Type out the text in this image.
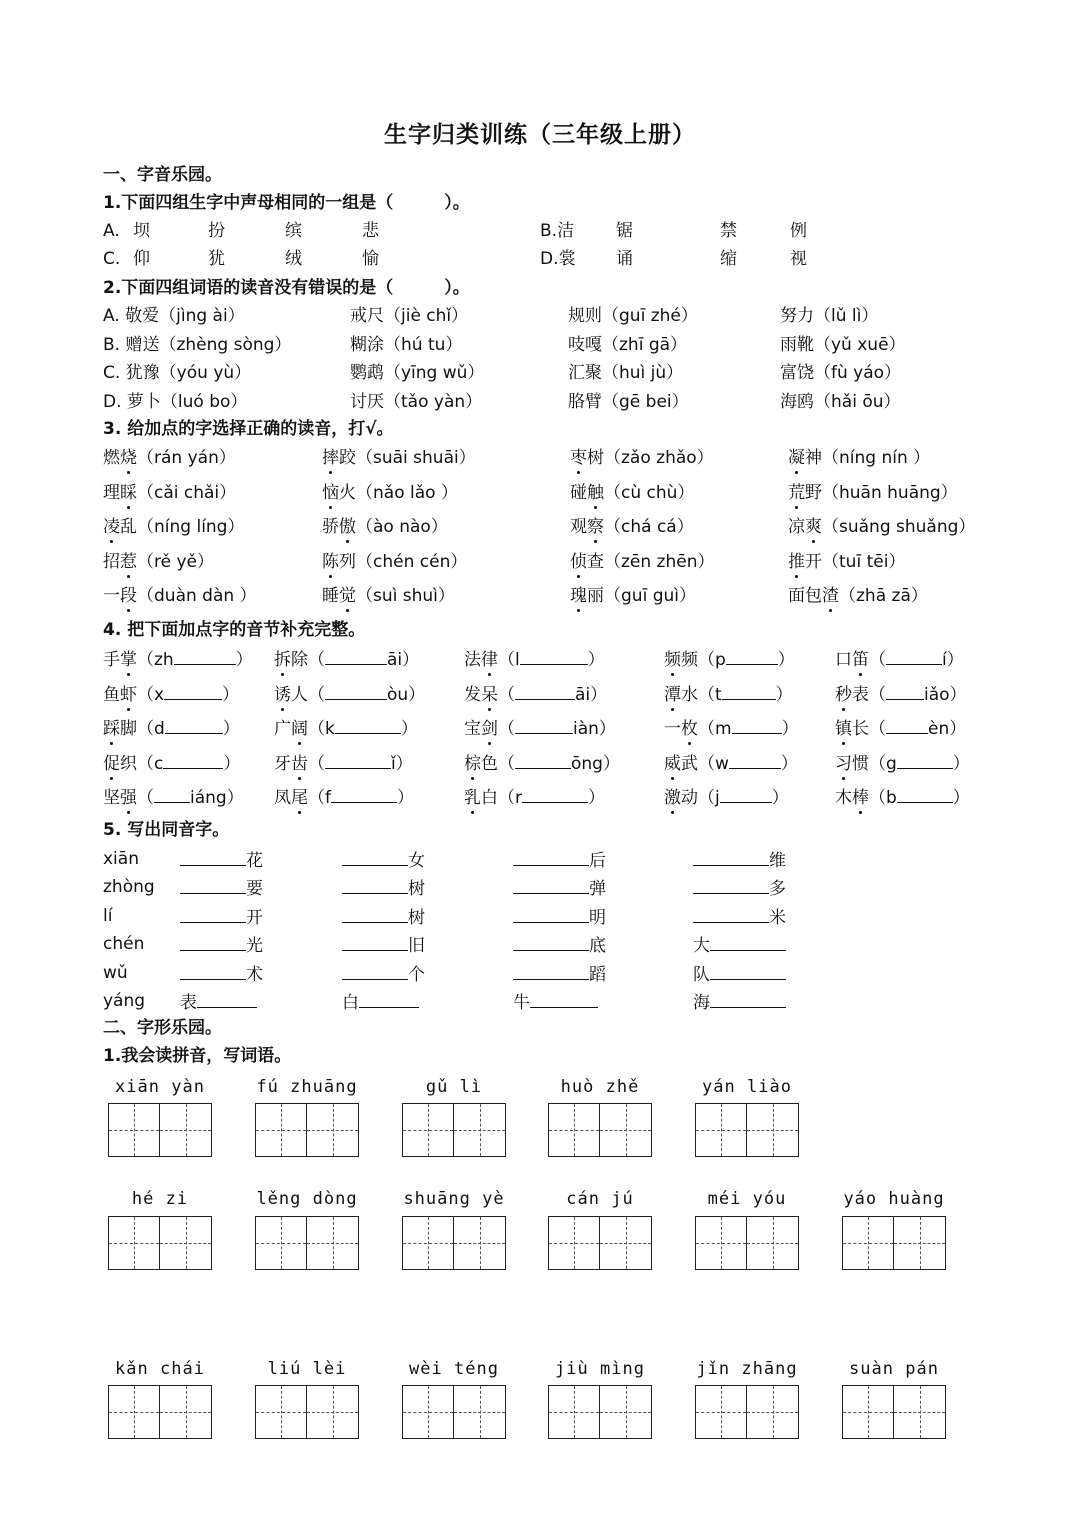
生字归类训练（三年级上册）
一、字音乐园。
1.下面四组生字中声母相同的一组是（　　　）。
A. 坝	扮	缤	悲	B.洁 锯	禁	例
C. 仰	犹	绒	愉	D.裳 诵	缩	视
2.下面四组词语的读音没有错误的是（　　　）。
A. 敬爱（jìng ài）	戒尺（jiè chǐ）	规则（guī zhé）	努力（lǔ lì）
B. 赠送（zhèng sòng）	糊涂（hú tu）	吱嘎（zhī gā）	雨靴（yǔ xuē）
C. 犹豫（yóu yù）	鹦鹉（yīng wǔ）	汇聚（huì jù）	富饶（fù yáo）
D. 萝卜（luó bo）	讨厌（tǎo yàn）	胳臂（gē bei）	海鸥（hǎi ōu）
3. 给加点的字选择正确的读音，打√。
燃烧（rán yán）	摔跤（suāi shuāi）	枣树（zǎo zhǎo）	凝神（níng nín ）
理睬（cǎi chǎi）	恼火（nǎo lǎo ）	碰触（cù chù）	荒野（huān huāng）
凌乱（níng líng）	骄傲（ào nào）	观察（chá cá）	凉爽（suǎng shuǎng）
招惹（rě yě）	陈列（chén cén）	侦查（zēn zhēn）	推开（tuī tēi）
一段（duàn dàn ）	睡觉（suì shuì）	瑰丽（guī guì）	面包渣（zhā zā）
4. 把下面加点字的音节补充完整。
手掌（zh	） 拆除（	āi）	法律（l	）	频频（p	） 口笛（	í）
鱼虾（x	） 诱人（	òu） 发呆（	āi）	潭水（t	） 秒表（ iǎo）
踩脚（d	） 广阔（k	）	宝剑（	iàn）	一枚（m	） 镇长（ èn）
促织（c	） 牙齿（	ǐ）	棕色（	ōng）	威武（w	） 习惯（g	）
坚强（ iáng） 凤尾（f	）	乳白（r	）	激动（j	）	木棒（b	）
5. 写出同音字。
xiān	花	女	后	维
zhòng	要	树	弹	多
lí	开	树	明	米
chén	光	旧	底	大
wǔ	术	个	蹈	队
yáng 表	白	牛	海
二、字形乐园。
1.我会读拼音，写词语。
xiān yàn	fú zhuāng	gǔ lì	huò zhě	yán liào
hé zi	lěng dòng	shuāng yè	cán jú	méi yóu	yáo huàng
kǎn chái	liú lèi	wèi téng	jiù mìng	jǐn zhāng	suàn pán
